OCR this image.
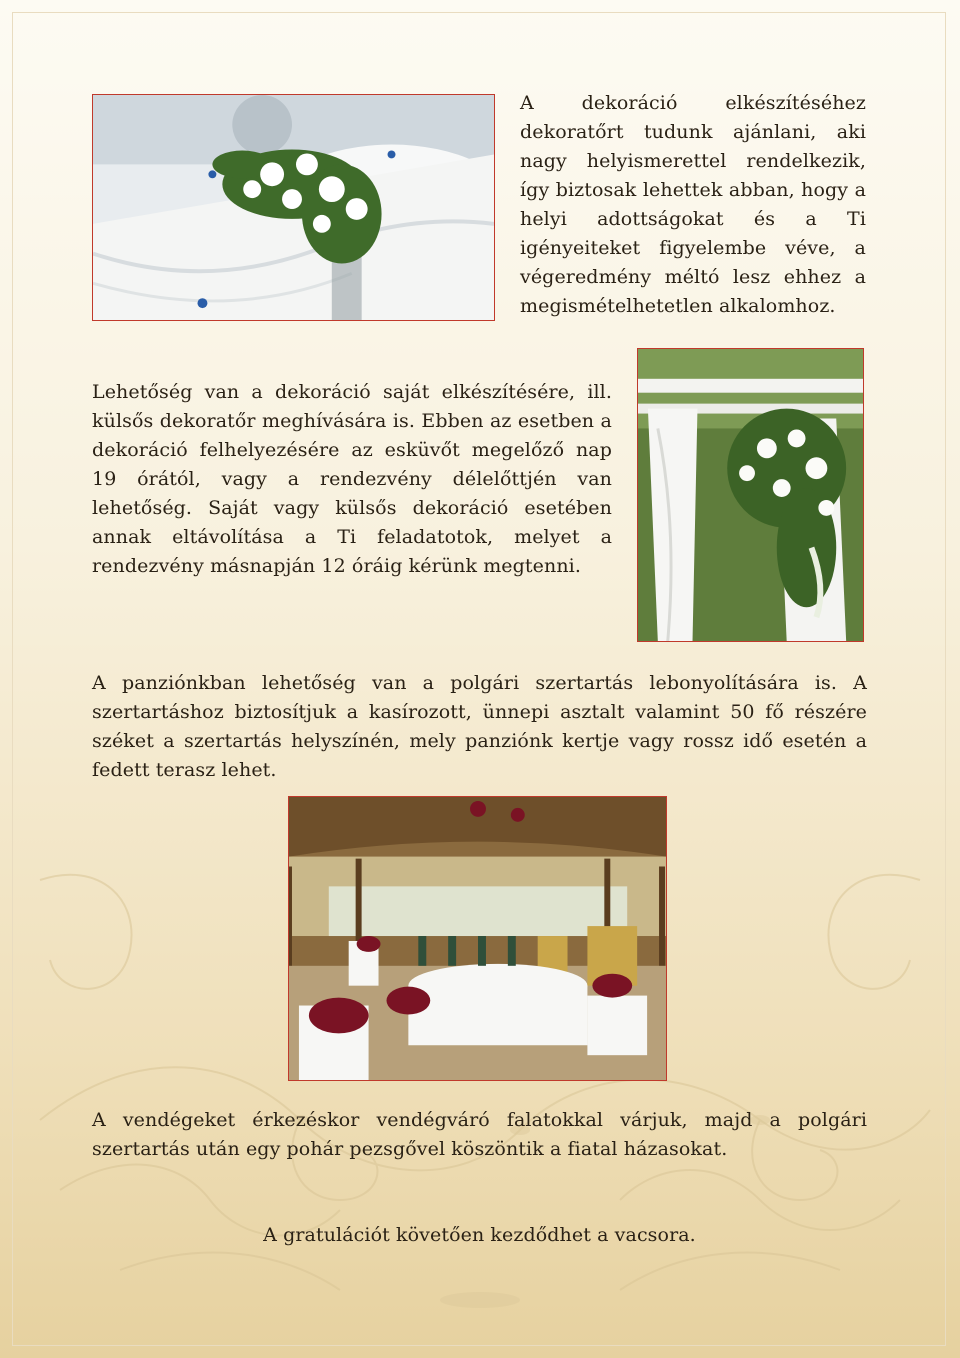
A dekoráció elkészítéséhez dekoratőrt tudunk ajánlani, aki nagy helyismerettel rendelkezik, így biztosak lehettek abban, hogy a helyi adottságokat és a Ti igényeiteket figyelembe véve, a végeredmény méltó lesz ehhez a megismételhetetlen alkalomhoz.

Lehetőség van a dekoráció saját elkészítésére, ill. külsős dekoratőr meghívására is. Ebben az esetben a dekoráció felhelyezésére az esküvőt megelőző nap 19 órától, vagy a rendezvény délelőttjén van lehetőség. Saját vagy külsős dekoráció esetében annak eltávolítása a Ti feladatotok, melyet a rendezvény másnapján 12 óráig kérünk megtenni.

A panziónkban lehetőség van a polgári szertartás lebonyolítására is. A szertartáshoz biztosítjuk a kasírozott, ünnepi asztalt valamint 50 fő részére széket a szertartás helyszínén, mely panziónk kertje vagy rossz idő esetén a fedett terasz lehet.

A vendégeket érkezéskor vendégváró falatokkal várjuk, majd a polgári szertartás után egy pohár pezsgővel köszöntik a fiatal házasokat.

A gratulációt követően kezdődhet a vacsora.
